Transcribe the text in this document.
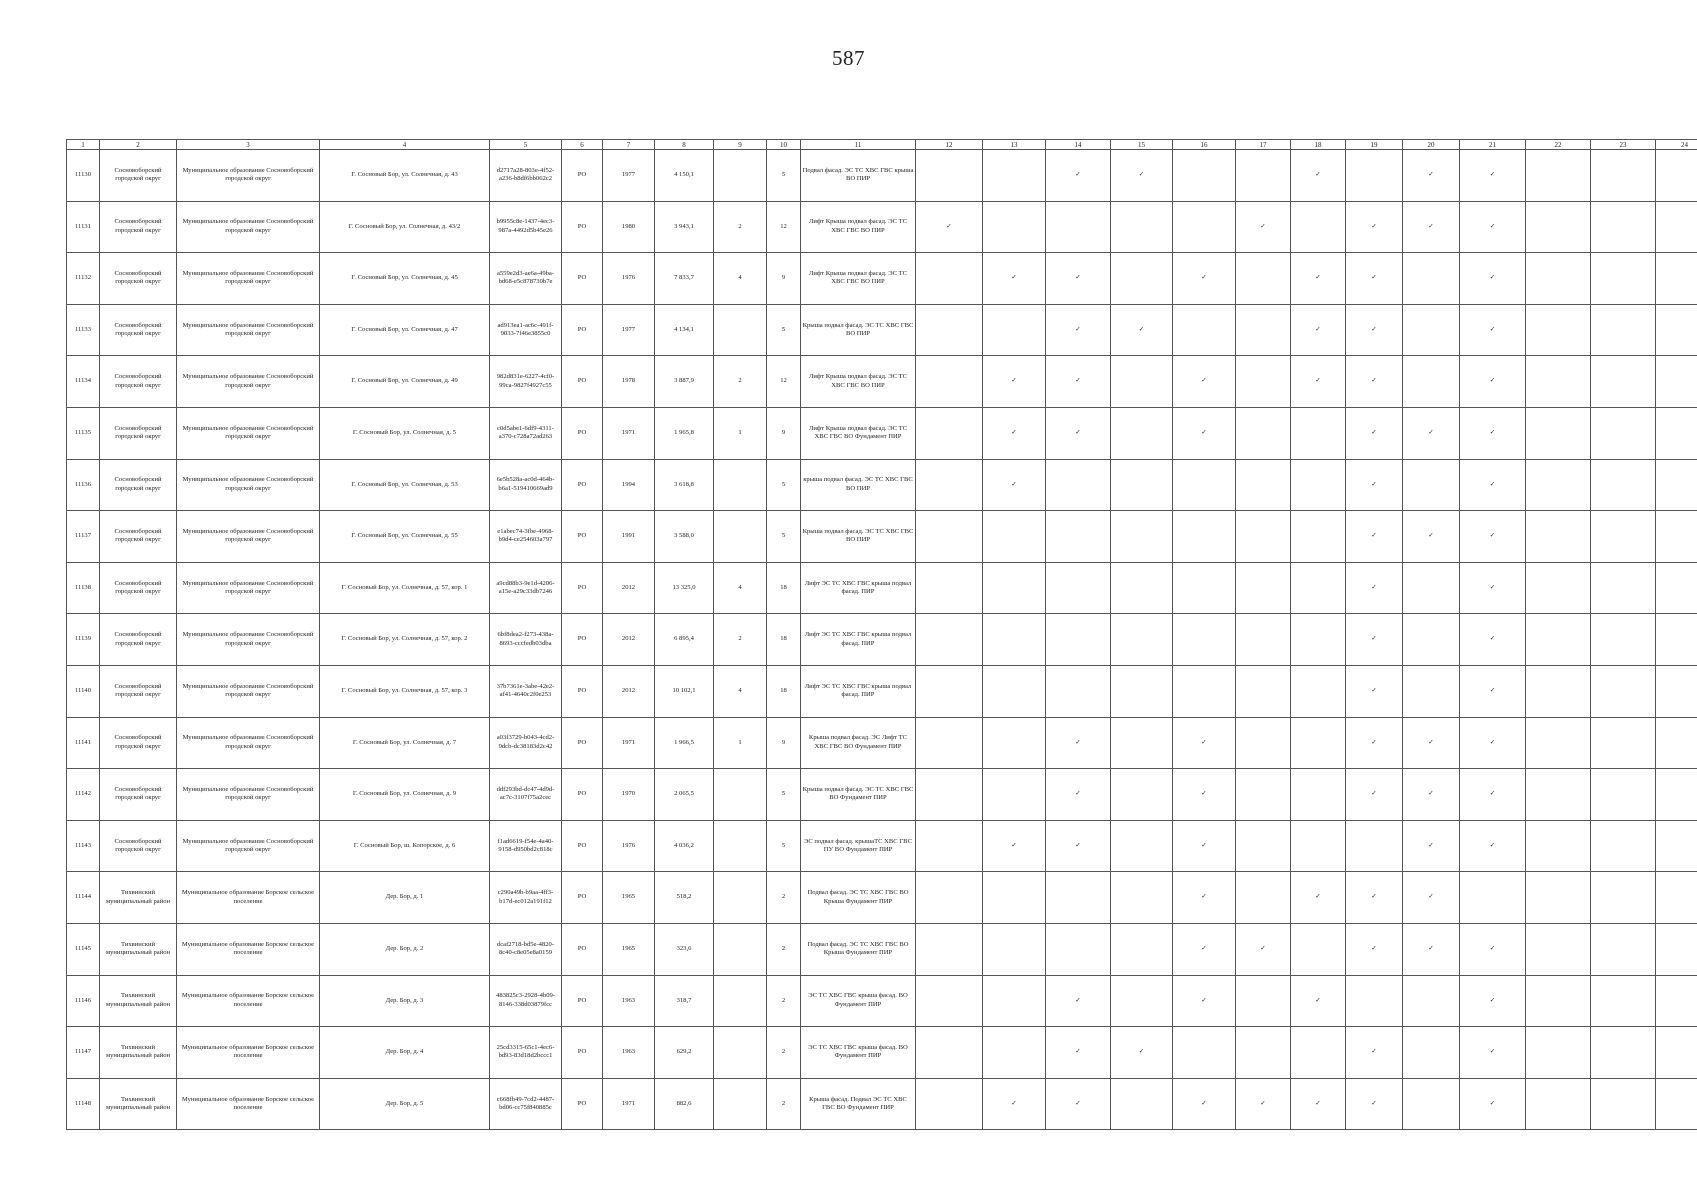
587
1	2	3	4	5	6	7	8	9	10	11	12	13	14	15	16	17	18	19	20	21	22	23	24
11130	Сосновоборский городской округ	Муниципальное образование Сосновоборский городской округ	Г. Сосновый Бор, ул. Солнечная, д. 43	d2717a28-803e-4f52-a236-b8df6bb062c2	РО	1977	4 150,1		5	Подвал фасад. ЭС ТС ХВС ГВС крыша ВО ПИР			✓	✓			✓		✓	✓			
11131	Сосновоборский городской округ	Муниципальное образование Сосновоборский городской округ	Г. Сосновый Бор, ул. Солнечная, д. 43/2	b9955c8e-1437-4ec3-987a-4492d5b45e26	РО	1980	3 943,1	2	12	Лифт Крыша подвал фасад. ЭС ТС ХВС ГВС ВО ПИР	✓					✓		✓	✓	✓			
11132	Сосновоборский городской округ	Муниципальное образование Сосновоборский городской округ	Г. Сосновый Бор, ул. Солнечная, д. 45	a559e2d3-ae6a-49ba-bd68-e5c878730b7e	РО	1976	7 833,7	4	9	Лифт Крыша подвал фасад. ЭС ТС ХВС ГВС ВО ПИР		✓	✓		✓		✓	✓		✓			
11133	Сосновоборский городской округ	Муниципальное образование Сосновоборский городской округ	Г. Сосновый Бор, ул. Солнечная, д. 47	ad913ea1-ac6c-491f-9033-7f46e3855c0	РО	1977	4 134,1		5	Крыша подвал фасад. ЭС ТС ХВС ГВС ВО ПИР			✓	✓			✓	✓		✓			
11134	Сосновоборский городской округ	Муниципальное образование Сосновоборский городской округ	Г. Сосновый Бор, ул. Солнечная, д. 49	982d831e-6227-4cf0-99ca-9827f4927c55	РО	1978	3 887,9	2	12	Лифт Крыша подвал фасад. ЭС ТС ХВС ГВС ВО ПИР		✓	✓		✓		✓	✓		✓			
11135	Сосновоборский городской округ	Муниципальное образование Сосновоборский городской округ	Г. Сосновый Бор, ул. Солнечная, д. 5	c0d5abe1-6df9-4311-a370-c728a72ad263	РО	1971	1 965,8	1	9	Лифт Крыша подвал фасад. ЭС ТС ХВС ГВС ВО Фундамент ПИР		✓	✓		✓			✓	✓	✓			
11136	Сосновоборский городской округ	Муниципальное образование Сосновоборский городской округ	Г. Сосновый Бор, ул. Солнечная, д. 53	6e5b528a-ac0d-464b-b6a1-519410669ad9	РО	1994	3 618,8		5	крыша подвал фасад. ЭС ТС ХВС ГВС ВО ПИР		✓						✓		✓			
11137	Сосновоборский городской округ	Муниципальное образование Сосновоборский городской округ	Г. Сосновый Бор, ул. Солнечная, д. 55	e1abec74-3fbe-4968-b9d4-ce254603a797	РО	1991	3 588,0		5	Крыша подвал фасад. ЭС ТС ХВС ГВС ВО ПИР								✓	✓	✓			
11138	Сосновоборский городской округ	Муниципальное образование Сосновоборский городской округ	Г. Сосновый Бор, ул. Солнечная, д. 57, кор. 1	a9cd88b3-9e1d-4206-a15e-a29c33db7246	РО	2012	13 325,0	4	18	Лифт ЭС ТС ХВС ГВС крыша подвал фасад. ПИР								✓		✓			
11139	Сосновоборский городской округ	Муниципальное образование Сосновоборский городской округ	Г. Сосновый Бор, ул. Солнечная, д. 57, кор. 2	6bf8dea2-f273-438a-8693-cccfedb03dba	РО	2012	6 895,4	2	18	Лифт ЭС ТС ХВС ГВС крыша подвал фасад. ПИР								✓		✓			
11140	Сосновоборский городской округ	Муниципальное образование Сосновоборский городской округ	Г. Сосновый Бор, ул. Солнечная, д. 57, кор. 3	37b7361e-3abe-42e2-af41-4640c2f0e253	РО	2012	10 102,1	4	18	Лифт ЭС ТС ХВС ГВС крыша подвал фасад. ПИР								✓		✓			
11141	Сосновоборский городской округ	Муниципальное образование Сосновоборский городской округ	Г. Сосновый Бор, ул. Солнечная, д. 7	a03f3729-b043-4cd2-9dcb-dc38183d2c42	РО	1971	1 966,5	1	9	Крыша подвал фасад. ЭС Лифт ТС ХВС ГВС ВО Фундамент ПИР			✓		✓			✓	✓	✓			
11142	Сосновоборский городской округ	Муниципальное образование Сосновоборский городской округ	Г. Сосновый Бор, ул. Солнечная, д. 9	ddf293bd-dc47-4d9d-ac7c-3107f75a2cec	РО	1970	2 065,5		5	Крыша подвал фасад. ЭС ТС ХВС ГВС ВО Фундамент ПИР			✓		✓			✓	✓	✓			
11143	Сосновоборский городской округ	Муниципальное образование Сосновоборский городской округ	Г. Сосновый Бор, ш. Копорское, д. 6	f1ad6619-f54e-4a40-9158-d950bd2c818c	РО	1976	4 036,2		5	ЭС подвал фасад. крышаТС ХВС ГВС ПУ ВО Фундамент ПИР		✓	✓		✓				✓	✓			
11144	Тихвинский муниципальный район	Муниципальное образование Борское сельское поселение	Дер. Бор, д. 1	c290a49b-b9aa-4ff3-b17d-ec012a191f12	РО	1965	518,2		2	Подвал фасад. ЭС ТС ХВС ГВС ВО Крыша Фундамент ПИР					✓		✓	✓	✓				
11145	Тихвинский муниципальный район	Муниципальное образование Борское сельское поселение	Дер. Бор, д. 2	dcaf2718-bd5e-4820-8c40-c8e05e8a0159	РО	1965	323,6		2	Подвал фасад. ЭС ТС ХВС ГВС ВО Крыша Фундамент ПИР					✓	✓		✓	✓	✓			
11146	Тихвинский муниципальный район	Муниципальное образование Борское сельское поселение	Дер. Бор, д. 3	483825c3-2928-4b09-8146-338d03879fcc	РО	1963	318,7		2	ЭС ТС ХВС ГВС крыша фасад. ВО Фундамент ПИР			✓		✓		✓			✓			
11147	Тихвинский муниципальный район	Муниципальное образование Борское сельское поселение	Дер. Бор, д. 4	25cd3315-65c1-4ec6-bd93-83d18d2bccc1	РО	1963	629,2		2	ЭС ТС ХВС ГВС крыша фасад. ВО Фундамент ПИР			✓	✓				✓		✓			
11148	Тихвинский муниципальный район	Муниципальное образование Борское сельское поселение	Дер. Бор, д. 5	c668fb49-7cd2-4487-bd06-cc75f840885c	РО	1971	882,6		2	Крыша фасад. Подвал ЭС ТС ХВС ГВС ВО Фундамент ПИР		✓	✓		✓	✓	✓	✓		✓			
